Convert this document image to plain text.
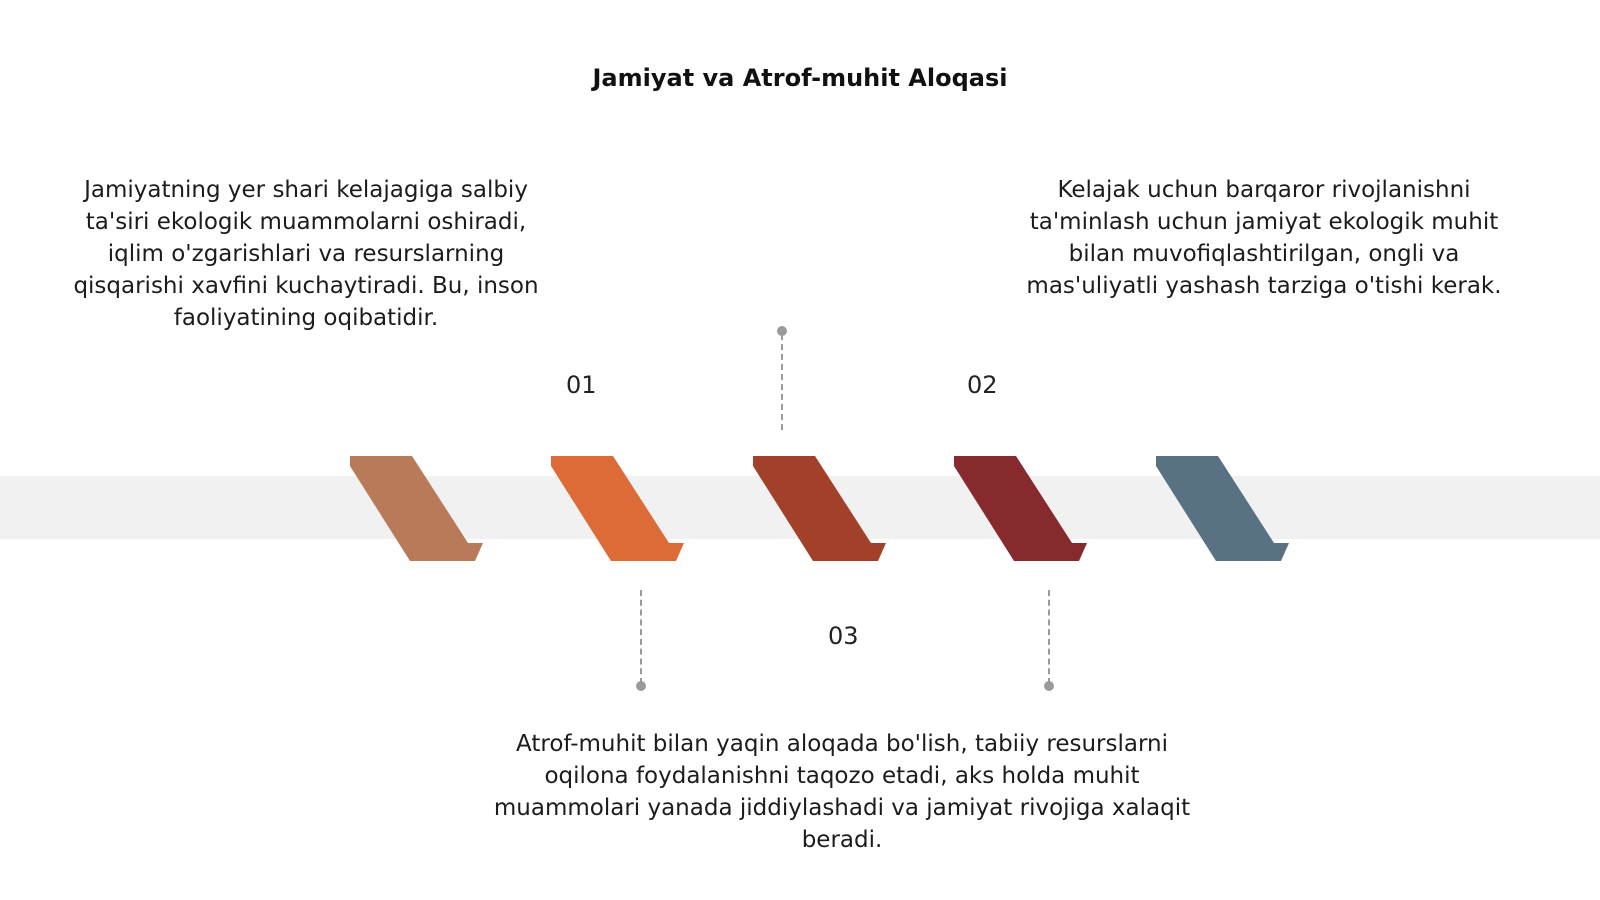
Jamiyat va Atrof-muhit Aloqasi
Jamiyatning yer shari kelajagiga salbiy ta'siri ekologik muammolarni oshiradi, iqlim o'zgarishlari va resurslarning qisqarishi xavfini kuchaytiradi. Bu, inson faoliyatining oqibatidir.
Kelajak uchun barqaror rivojlanishni ta'minlash uchun jamiyat ekologik muhit bilan muvofiqlashtirilgan, ongli va mas'uliyatli yashash tarziga o'tishi kerak.
Atrof-muhit bilan yaqin aloqada bo'lish, tabiiy resurslarni oqilona foydalanishni taqozo etadi, aks holda muhit muammolari yanada jiddiylashadi va jamiyat rivojiga xalaqit beradi.
01	02
03
